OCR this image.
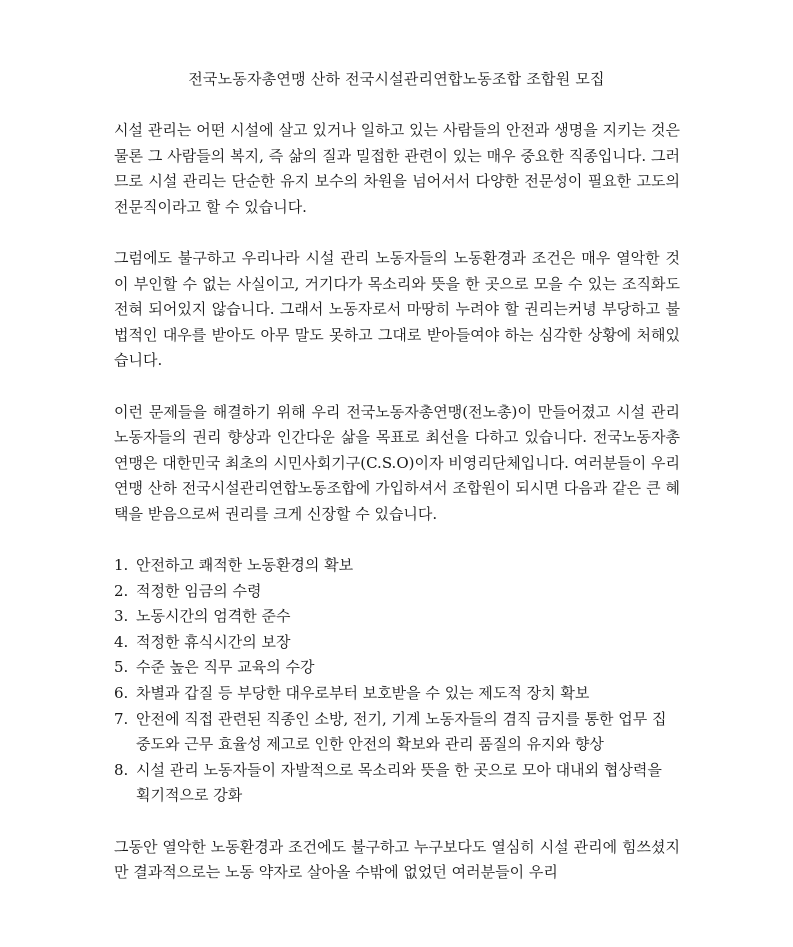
전국노동자총연맹 산하 전국시설관리연합노동조합 조합원 모집

시설 관리는 어떤 시설에 살고 있거나 일하고 있는 사람들의 안전과 생명을 지키는 것은 물론 그 사람들의 복지, 즉 삶의 질과 밀접한 관련이 있는 매우 중요한 직종입니다. 그러므로 시설 관리는 단순한 유지 보수의 차원을 넘어서서 다양한 전문성이 필요한 고도의 전문직이라고 할 수 있습니다.

그럼에도 불구하고 우리나라 시설 관리 노동자들의 노동환경과 조건은 매우 열악한 것이 부인할 수 없는 사실이고, 거기다가 목소리와 뜻을 한 곳으로 모을 수 있는 조직화도 전혀 되어있지 않습니다. 그래서 노동자로서 마땅히 누려야 할 권리는커녕 부당하고 불법적인 대우를 받아도 아무 말도 못하고 그대로 받아들여야 하는 심각한 상황에 처해있습니다.

이런 문제들을 해결하기 위해 우리 전국노동자총연맹(전노총)이 만들어졌고 시설 관리 노동자들의 권리 향상과 인간다운 삶을 목표로 최선을 다하고 있습니다. 전국노동자총연맹은 대한민국 최초의 시민사회기구(C.S.O)이자 비영리단체입니다. 여러분들이 우리 연맹 산하 전국시설관리연합노동조합에 가입하셔서 조합원이 되시면 다음과 같은 큰 혜택을 받음으로써 권리를 크게 신장할 수 있습니다.

1. 안전하고 쾌적한 노동환경의 확보
2. 적정한 임금의 수령
3. 노동시간의 엄격한 준수
4. 적정한 휴식시간의 보장
5. 수준 높은 직무 교육의 수강
6. 차별과 갑질 등 부당한 대우로부터 보호받을 수 있는 제도적 장치 확보
7. 안전에 직접 관련된 직종인 소방, 전기, 기계 노동자들의 겸직 금지를 통한 업무 집중도와 근무 효율성 제고로 인한 안전의 확보와 관리 품질의 유지와 향상
8. 시설 관리 노동자들이 자발적으로 목소리와 뜻을 한 곳으로 모아 대내외 협상력을 획기적으로 강화

그동안 열악한 노동환경과 조건에도 불구하고 누구보다도 열심히 시설 관리에 힘쓰셨지만 결과적으로는 노동 약자로 살아올 수밖에 없었던 여러분들이 우리
